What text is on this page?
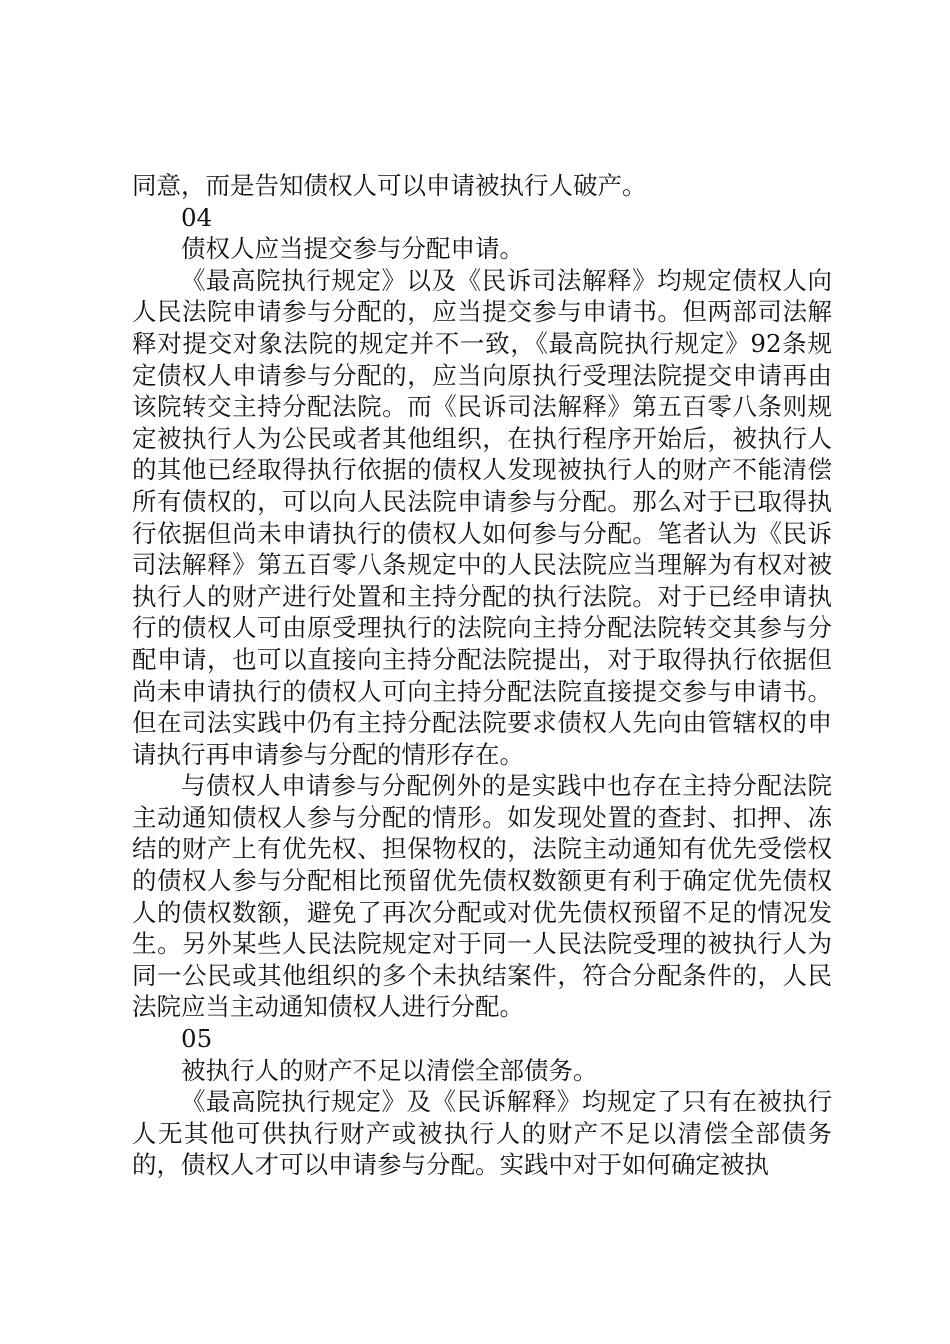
同意，而是告知债权人可以申请被执行人破产。

04

债权人应当提交参与分配申请。

《最高院执行规定》以及《民诉司法解释》均规定债权人向人民法院申请参与分配的，应当提交参与申请书。但两部司法解释对提交对象法院的规定并不一致，《最高院执行规定》92条规定债权人申请参与分配的，应当向原执行受理法院提交申请再由该院转交主持分配法院。而《民诉司法解释》第五百零八条则规定被执行人为公民或者其他组织，在执行程序开始后，被执行人的其他已经取得执行依据的债权人发现被执行人的财产不能清偿所有债权的，可以向人民法院申请参与分配。那么对于已取得执行依据但尚未申请执行的债权人如何参与分配。笔者认为《民诉司法解释》第五百零八条规定中的人民法院应当理解为有权对被执行人的财产进行处置和主持分配的执行法院。对于已经申请执行的债权人可由原受理执行的法院向主持分配法院转交其参与分配申请，也可以直接向主持分配法院提出，对于取得执行依据但尚未申请执行的债权人可向主持分配法院直接提交参与申请书。但在司法实践中仍有主持分配法院要求债权人先向由管辖权的申请执行再申请参与分配的情形存在。

与债权人申请参与分配例外的是实践中也存在主持分配法院主动通知债权人参与分配的情形。如发现处置的查封、扣押、冻结的财产上有优先权、担保物权的，法院主动通知有优先受偿权的债权人参与分配相比预留优先债权数额更有利于确定优先债权人的债权数额，避免了再次分配或对优先债权预留不足的情况发生。另外某些人民法院规定对于同一人民法院受理的被执行人为同一公民或其他组织的多个未执结案件，符合分配条件的，人民法院应当主动通知债权人进行分配。

05

被执行人的财产不足以清偿全部债务。

《最高院执行规定》及《民诉解释》均规定了只有在被执行人无其他可供执行财产或被执行人的财产不足以清偿全部债务的，债权人才可以申请参与分配。实践中对于如何确定被执
